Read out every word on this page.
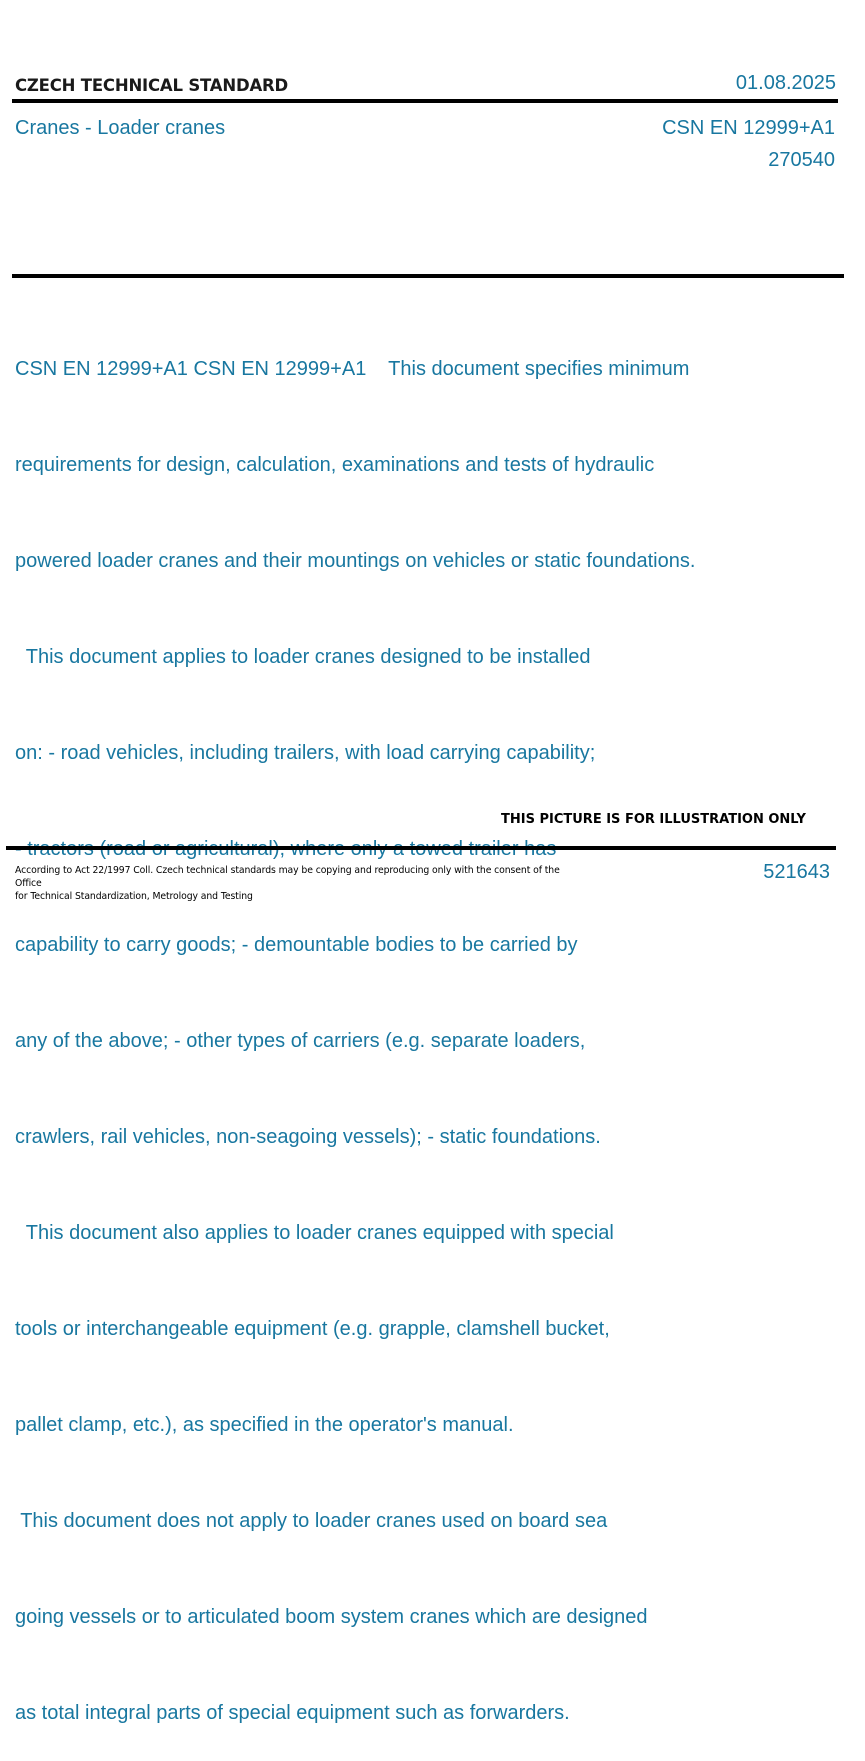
CZECH TECHNICAL STANDARD	01.08.2025
Cranes - Loader cranes	CSN EN 12999+A1
270540

CSN EN 12999+A1 CSN EN 12999+A1    This document specifies minimum

requirements for design, calculation, examinations and tests of hydraulic

powered loader cranes and their mountings on vehicles or static foundations.

This document applies to loader cranes designed to be installed

on: - road vehicles, including trailers, with load carrying capability;

capability to carry goods; - demountable bodies to be carried by

any of the above; - other types of carriers (e.g. separate loaders,

crawlers, rail vehicles, non-seagoing vessels); - static foundations.

This document also applies to loader cranes equipped with special

tools or interchangeable equipment (e.g. grapple, clamshell bucket,

pallet clamp, etc.), as specified in the operator's manual.

This document does not apply to loader cranes used on board sea

going vessels or to articulated boom system cranes which are designed

as total integral parts of special equipment such as forwarders.

THIS PICTURE IS FOR ILLUSTRATION ONLY
According to Act 22/1997 Coll. Czech technical standards may be copying and reproducing only with the consent of the Office
for Technical Standardization, Metrology and Testing
521643
